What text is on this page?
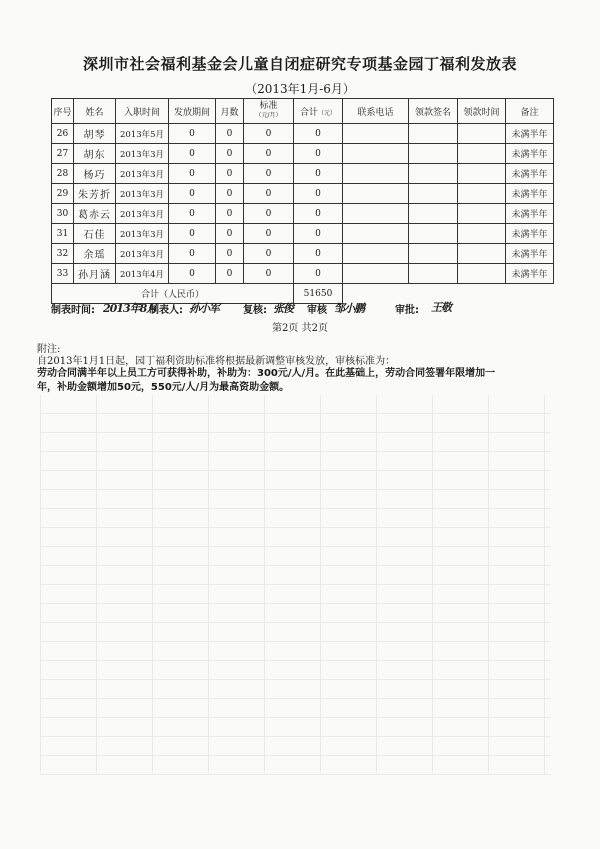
深圳市社会福利基金会儿童自闭症研究专项基金园丁福利发放表
（2013年1月-6月）
序号	姓名	入职时间	发放期间	月数	标准
（元/月）	合计（元）	联系电话	领款签名	领款时间	备注
26	胡琴	2013年5月	0	0	0	0				未满半年
27	胡东	2013年3月	0	0	0	0				未满半年
28	杨巧	2013年3月	0	0	0	0				未满半年
29	朱芳折	2013年3月	0	0	0	0				未满半年
30	葛赤云	2013年3月	0	0	0	0				未满半年
31	石佳	2013年3月	0	0	0	0				未满半年
32	余瑶	2013年3月	0	0	0	0				未满半年
33	孙月涵	2013年4月	0	0	0	0				未满半年
合计（人民币）						51650				
制表时间: 2013年8月
制表人: 孙小军 复核: 张俊 审核 邹小鹏	审批: 王敬
第2页 共2页
附注:
自2013年1月1日起，园丁福利资助标准将根据最新调整审核发放，审核标准为：
劳动合同满半年以上员工方可获得补助，补助为：300元/人/月。在此基础上，劳动合同签署年限增加一
年，补助金额增加50元，550元/人/月为最高资助金额。
